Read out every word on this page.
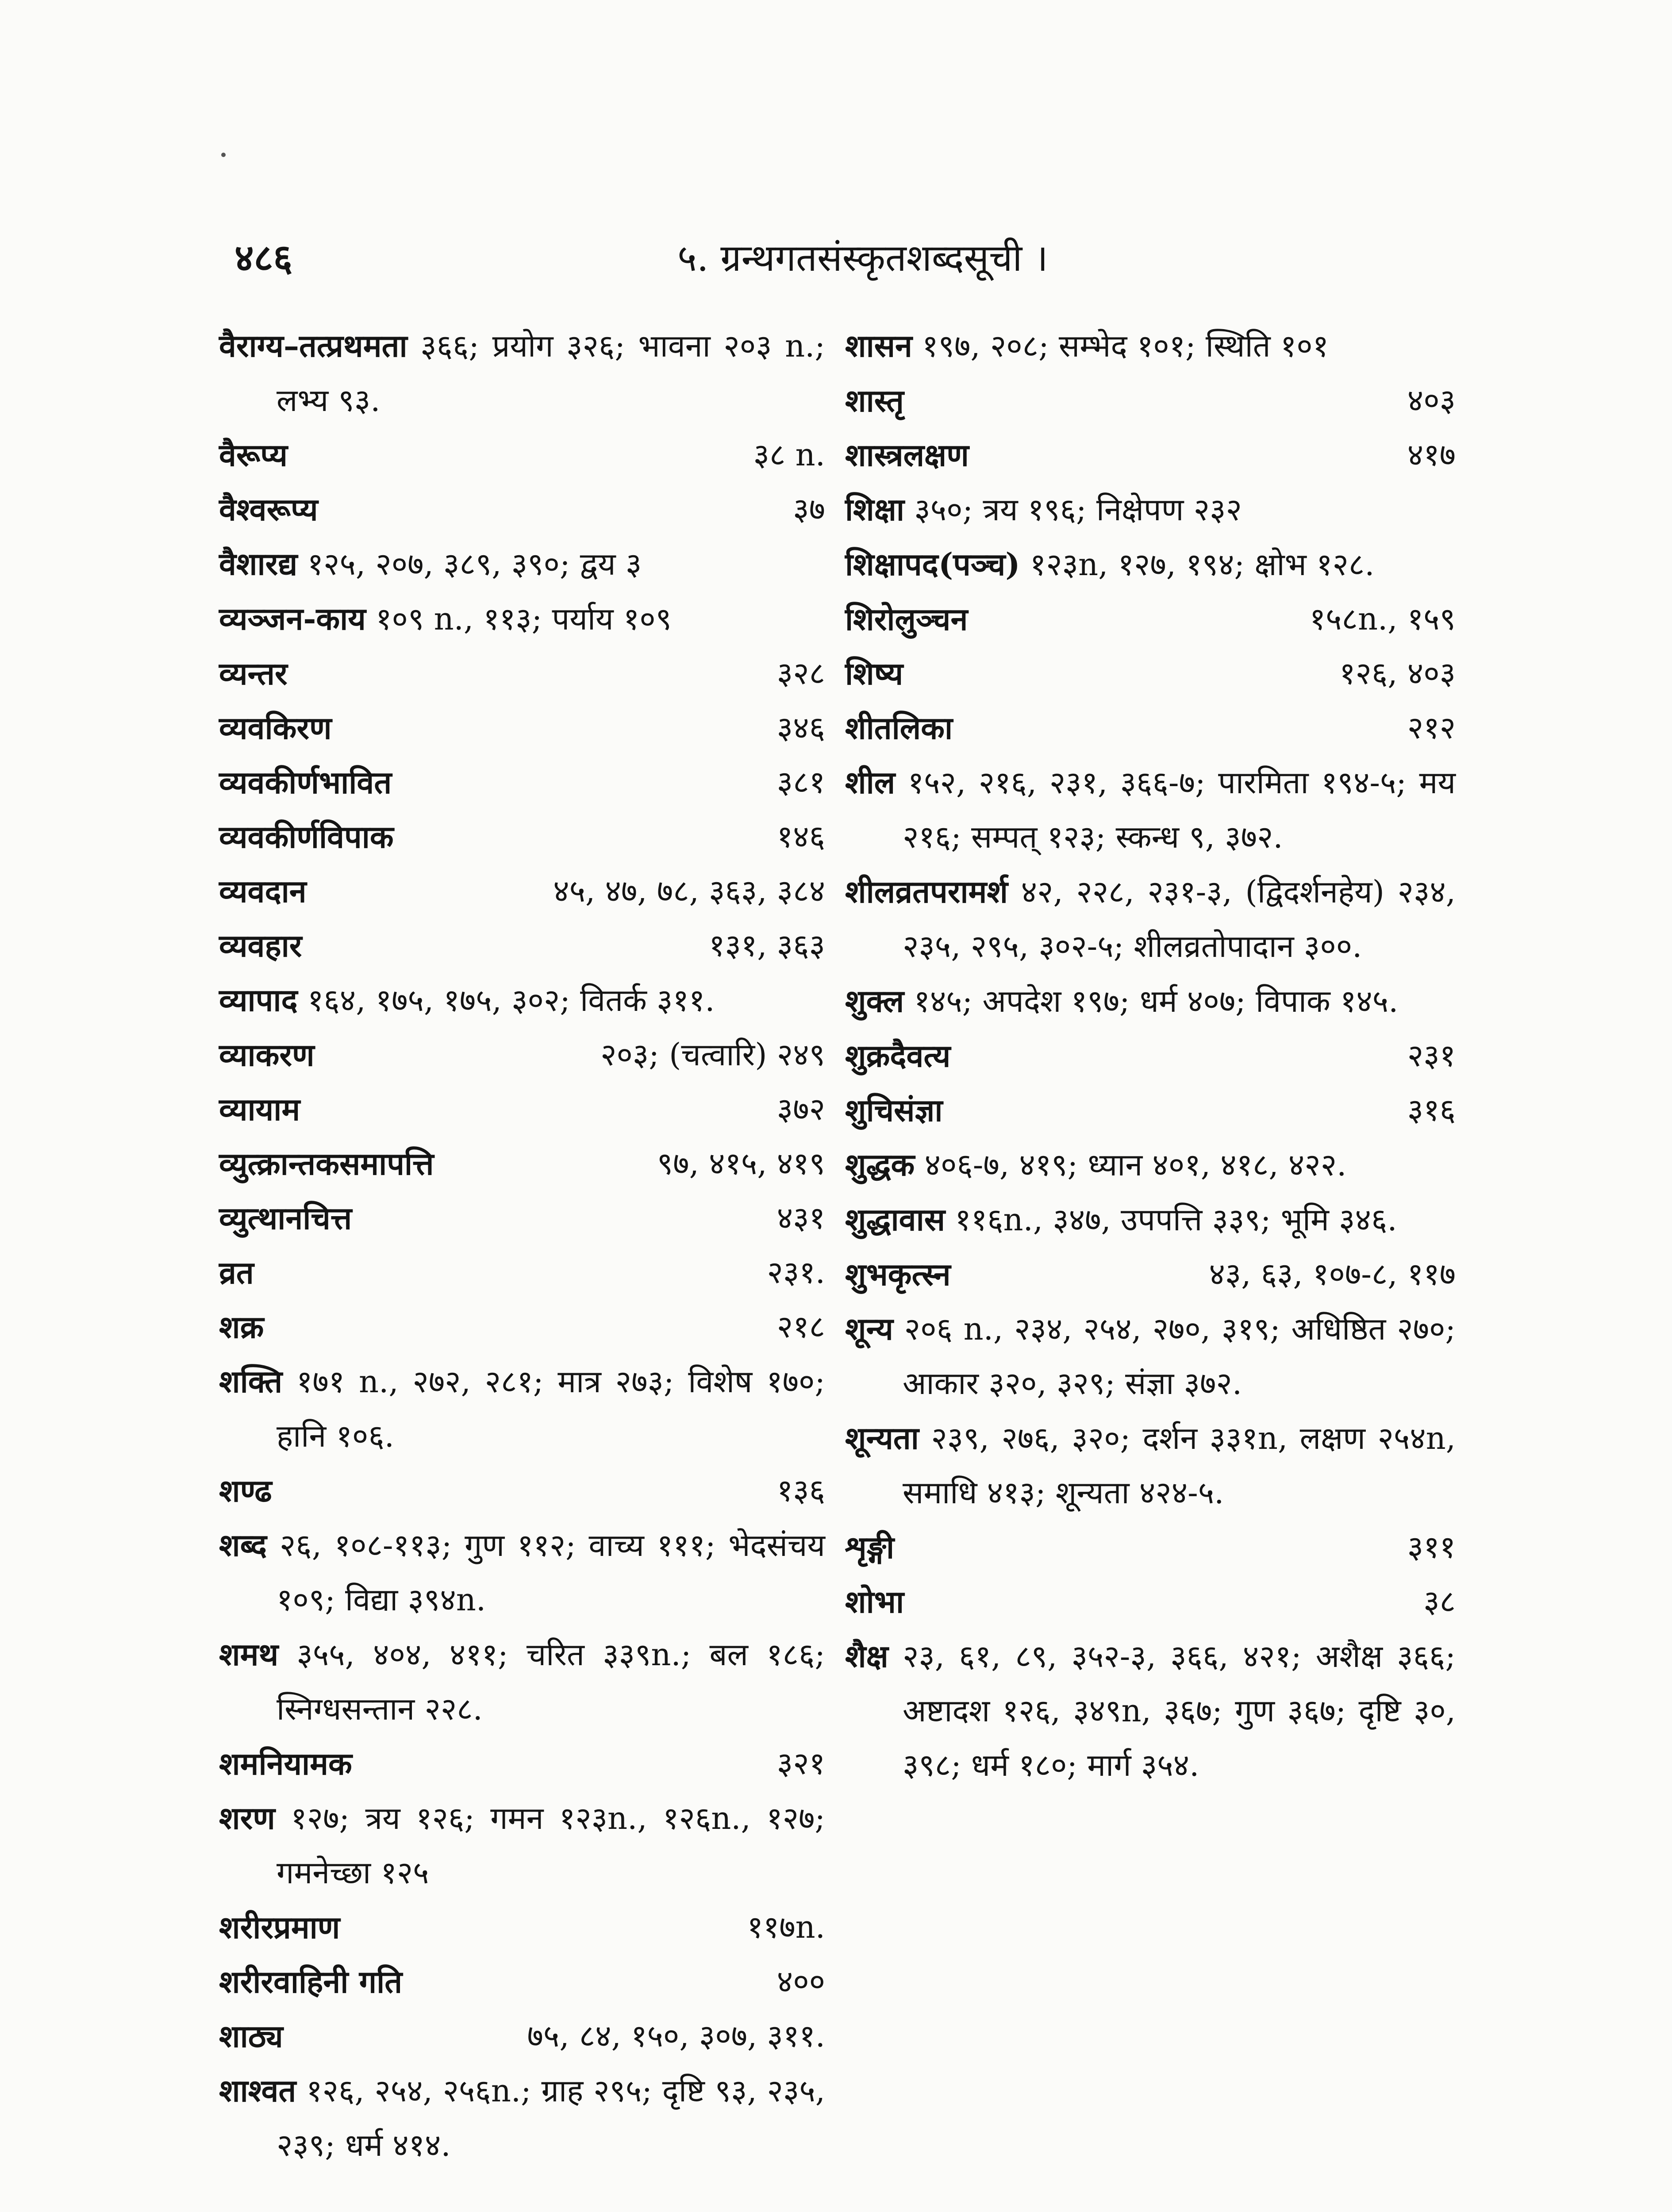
४८६	५. ग्रन्थगतसंस्कृतशब्दसूची ।
वैराग्य–तत्प्रथमता ३६६; प्रयोग ३२६; भावना २०३ n.; लभ्य ९३.
वैरूप्य	३८ n.
वैश्वरूप्य	३७
वैशारद्य १२५, २०७, ३८९, ३९०; द्वय ३
व्यञ्जन-काय १०९ n., ११३; पर्याय १०९
व्यन्तर	३२८
व्यवकिरण	३४६
व्यवकीर्णभावित	३८१
व्यवकीर्णविपाक	१४६
व्यवदान	४५, ४७, ७८, ३६३, ३८४
व्यवहार	१३१, ३६३
व्यापाद १६४, १७५, १७५, ३०२; वितर्क ३११.
व्याकरण	२०३; (चत्वारि) २४९
व्यायाम	३७२
व्युत्क्रान्तकसमापत्ति	९७, ४१५, ४१९
व्युत्थानचित्त	४३१
व्रत	२३१.
शक्र	२१८
शक्ति १७१ n., २७२, २८१; मात्र २७३; विशेष १७०; हानि १०६.
शण्ढ	१३६
शब्द २६, १०८-११३; गुण ११२; वाच्य १११; भेदसंचय १०९; विद्या ३९४n.
शमथ ३५५, ४०४, ४११; चरित ३३९n.; बल १८६; स्निग्धसन्तान २२८.
शमनियामक	३२१
शरण १२७; त्रय १२६; गमन १२३n., १२६n., १२७; गमनेच्छा १२५
शरीरप्रमाण	११७n.
शरीरवाहिनी गति	४००
शाठ्य	७५, ८४, १५०, ३०७, ३११.
शाश्वत १२६, २५४, २५६n.; ग्राह २९५; दृष्टि ९३, २३५, २३९; धर्म ४१४.
शासन १९७, २०८; सम्भेद १०१; स्थिति १०१
शास्तृ	४०३
शास्त्रलक्षण	४१७
शिक्षा ३५०; त्रय १९६; निक्षेपण २३२
शिक्षापद(पञ्च) १२३n, १२७, १९४; क्षोभ १२८.
शिरोलुञ्चन	१५८n., १५९
शिष्य	१२६, ४०३
शीतलिका	२१२
शील १५२, २१६, २३१, ३६६-७; पारमिता १९४-५; मय २१६; सम्पत् १२३; स्कन्ध ९, ३७२.
शीलव्रतपरामर्श ४२, २२८, २३१-३, (द्विदर्शनहेय) २३४, २३५, २९५, ३०२-५; शीलव्रतोपादान ३००.
शुक्ल १४५; अपदेश १९७; धर्म ४०७; विपाक १४५.
शुक्रदैवत्य	२३१
शुचिसंज्ञा	३१६
शुद्धक ४०६-७, ४१९; ध्यान ४०१, ४१८, ४२२.
शुद्धावास ११६n., ३४७, उपपत्ति ३३९; भूमि ३४६.
शुभकृत्स्न	४३, ६३, १०७-८, ११७
शून्य २०६ n., २३४, २५४, २७०, ३१९; अधिष्ठित २७०; आकार ३२०, ३२९; संज्ञा ३७२.
शून्यता २३९, २७६, ३२०; दर्शन ३३१n, लक्षण २५४n, समाधि ४१३; शून्यता ४२४-५.
शृङ्गी	३११
शोभा	३८
शैक्ष २३, ६१, ८९, ३५२-३, ३६६, ४२१; अशैक्ष ३६६; अष्टादश १२६, ३४९n, ३६७; गुण ३६७; दृष्टि ३०, ३९८; धर्म १८०; मार्ग ३५४.
